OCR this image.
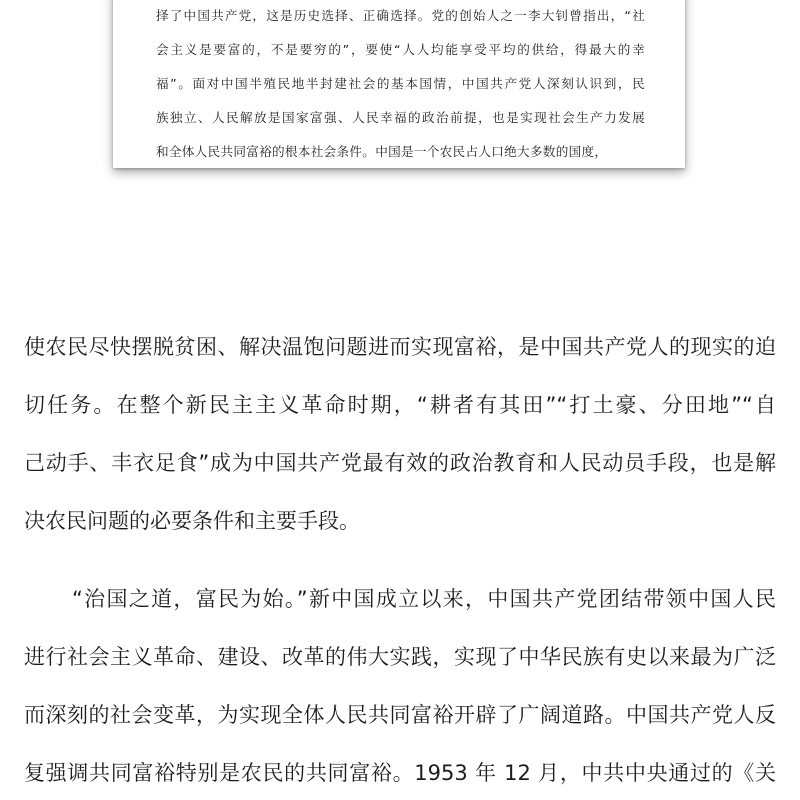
择了中国共产党，这是历史选择、正确选择。党的创始人之一李大钊曾指出，“社
会主义是要富的，不是要穷的”，要使“人人均能享受平均的供给，得最大的幸
福”。面对中国半殖民地半封建社会的基本国情，中国共产党人深刻认识到，民
族独立、人民解放是国家富强、人民幸福的政治前提，也是实现社会生产力发展
和全体人民共同富裕的根本社会条件。中国是一个农民占人口绝大多数的国度，
使农民尽快摆脱贫困、解决温饱问题进而实现富裕，是中国共产党人的现实的迫
切任务。在整个新民主主义革命时期，“耕者有其田”“打土豪、分田地”“自
己动手、丰衣足食”成为中国共产党最有效的政治教育和人民动员手段，也是解
决农民问题的必要条件和主要手段。
“治国之道，富民为始。”新中国成立以来，中国共产党团结带领中国人民
进行社会主义革命、建设、改革的伟大实践，实现了中华民族有史以来最为广泛
而深刻的社会变革，为实现全体人民共同富裕开辟了广阔道路。中国共产党人反
复强调共同富裕特别是农民的共同富裕。1953 年 12 月，中共中央通过的《关
